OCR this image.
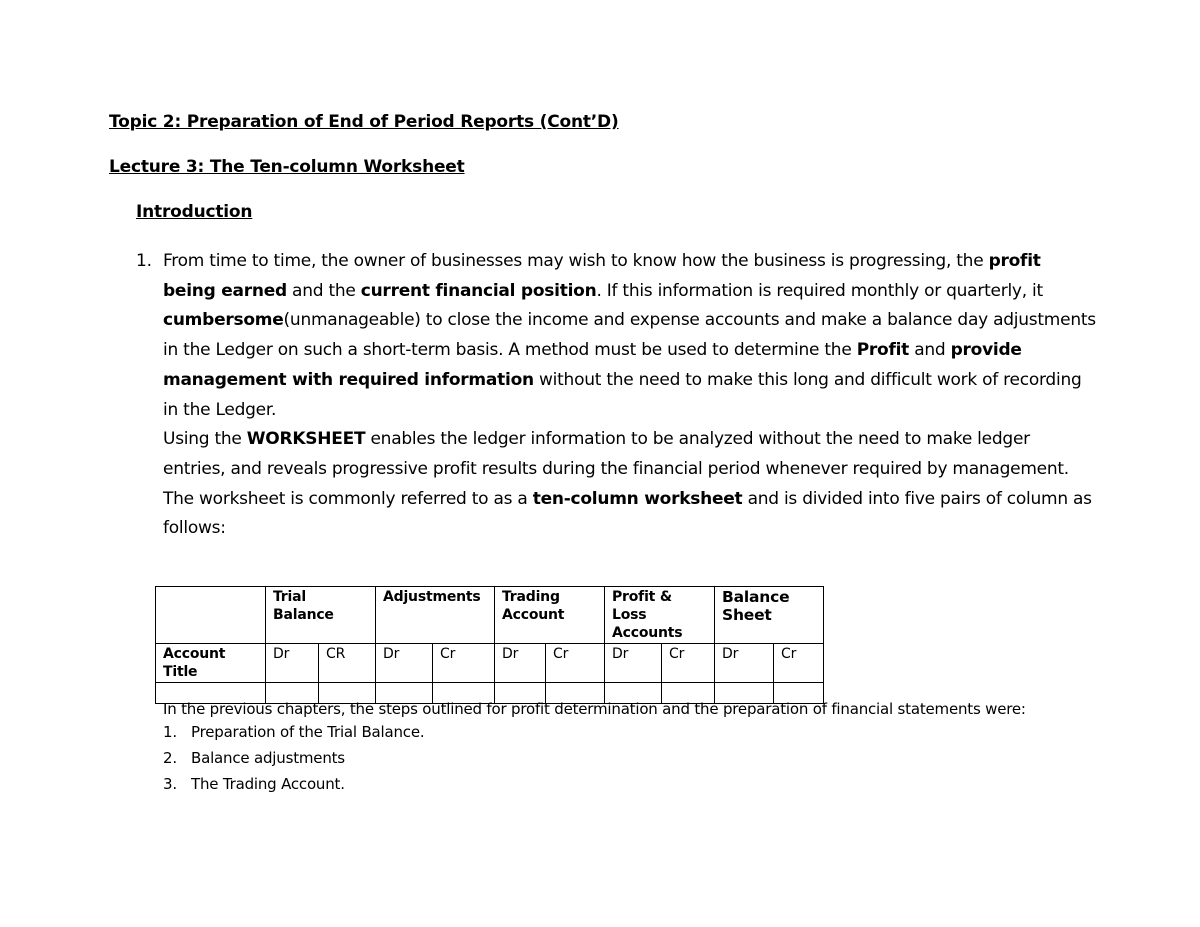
Topic 2: Preparation of End of Period Reports (Cont’D)
Lecture 3: The Ten-column Worksheet
Introduction
1. From time to time, the owner of businesses may wish to know how the business is progressing, the profit being earned and the current financial position. If this information is required monthly or quarterly, it cumbersome(unmanageable) to close the income and expense accounts and make a balance day adjustments in the Ledger on such a short-term basis. A method must be used to determine the Profit and provide management with required information without the need to make this long and difficult work of recording in the Ledger.

Using the WORKSHEET enables the ledger information to be analyzed without the need to make ledger entries, and reveals progressive profit results during the financial period whenever required by management.

The worksheet is commonly referred to as a ten-column worksheet and is divided into five pairs of column as follows:

	Trial Balance		Adjustments		Trading Account		Profit & Loss Accounts		Balance Sheet	
Account Title	Dr	CR	Dr	Cr	Dr	Cr	Dr	Cr	Dr	Cr

In the previous chapters, the steps outlined for profit determination and the preparation of financial statements were:

1. Preparation of the Trial Balance.
2. Balance adjustments
3. The Trading Account.
